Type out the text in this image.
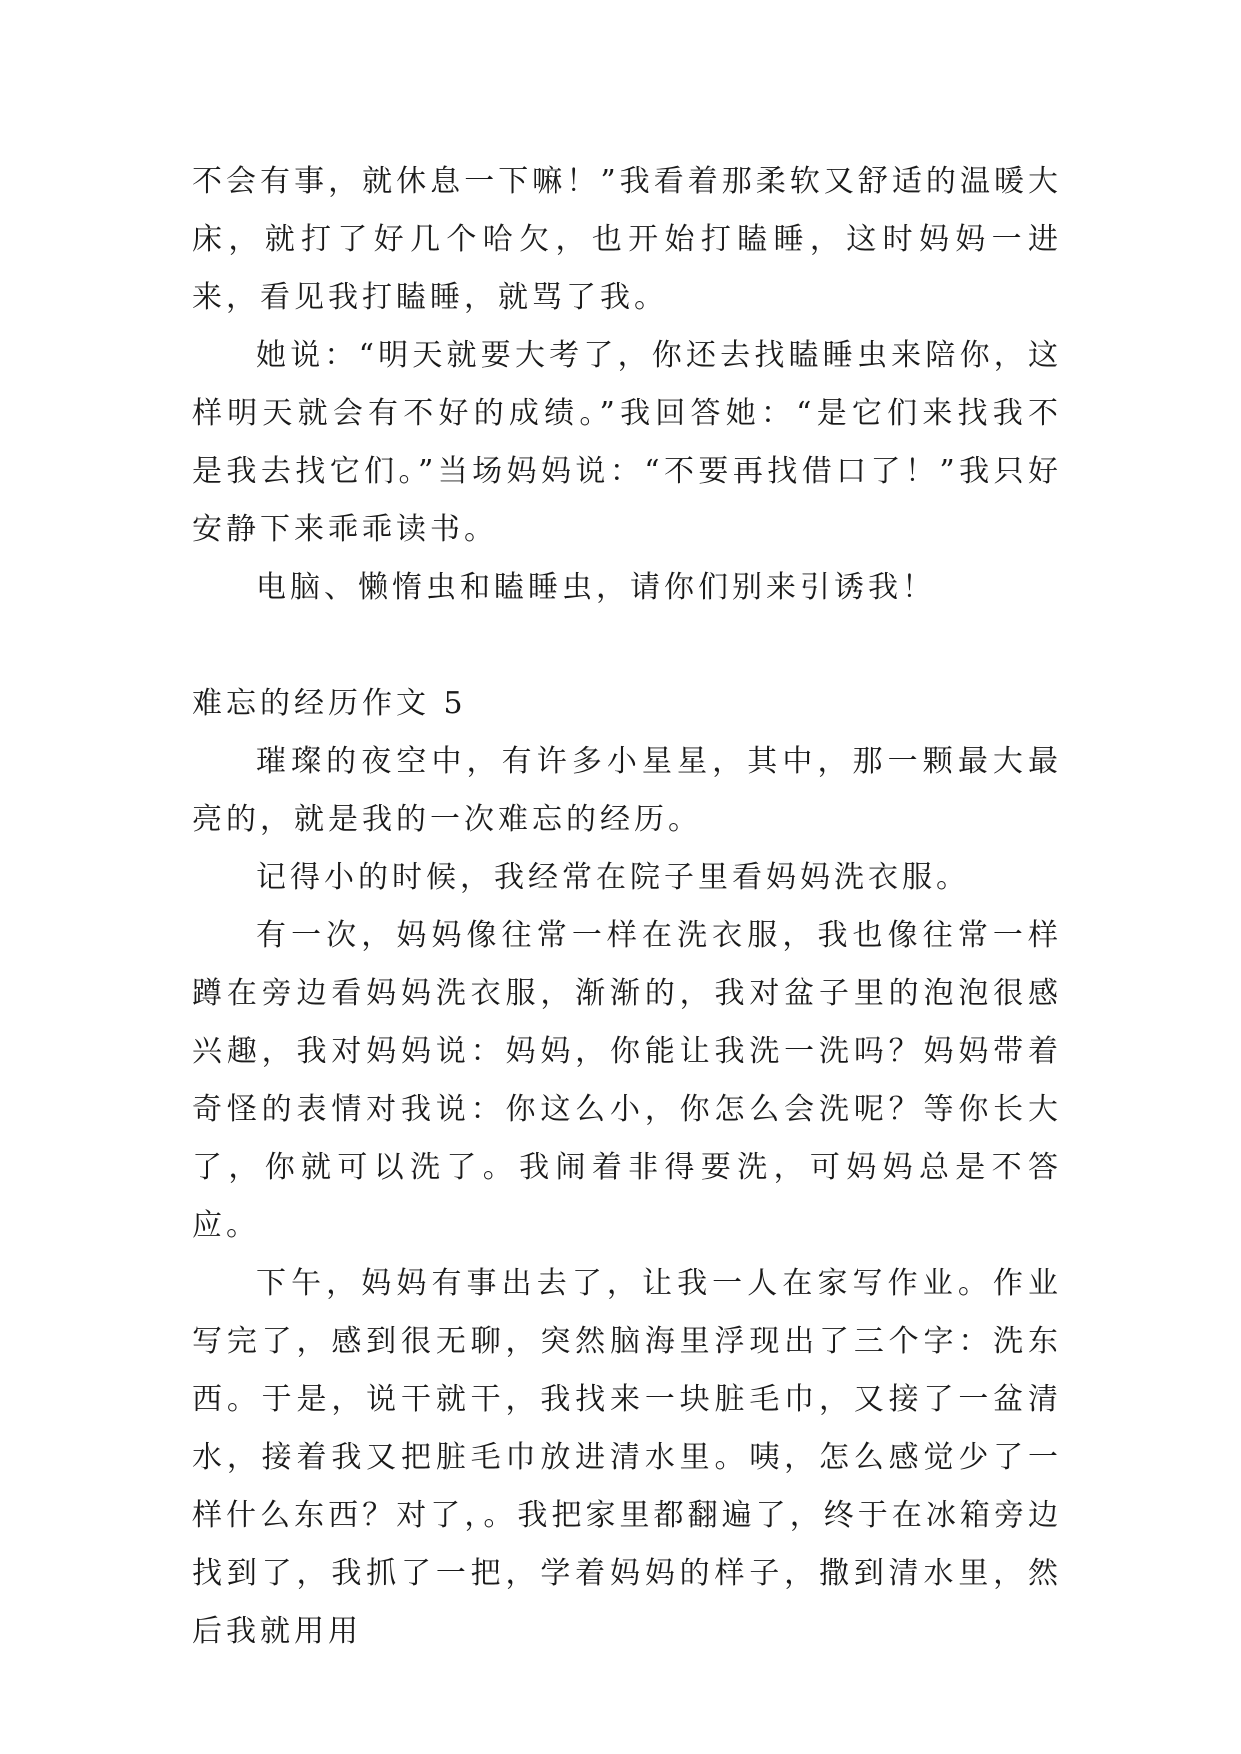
不会有事，就休息一下嘛！”我看着那柔软又舒适的温暖大床，就打了好几个哈欠，也开始打瞌睡，这时妈妈一进来，看见我打瞌睡，就骂了我。

她说：“明天就要大考了，你还去找瞌睡虫来陪你，这样明天就会有不好的成绩。”我回答她：“是它们来找我不是我去找它们。”当场妈妈说：“不要再找借口了！”我只好安静下来乖乖读书。

电脑、懒惰虫和瞌睡虫，请你们别来引诱我！

难忘的经历作文 5

璀璨的夜空中，有许多小星星，其中，那一颗最大最亮的，就是我的一次难忘的经历。

记得小的时候，我经常在院子里看妈妈洗衣服。

有一次，妈妈像往常一样在洗衣服，我也像往常一样蹲在旁边看妈妈洗衣服，渐渐的，我对盆子里的泡泡很感兴趣，我对妈妈说：妈妈，你能让我洗一洗吗？妈妈带着奇怪的表情对我说：你这么小，你怎么会洗呢？等你长大了，你就可以洗了。我闹着非得要洗，可妈妈总是不答应。

下午，妈妈有事出去了，让我一人在家写作业。作业写完了，感到很无聊，突然脑海里浮现出了三个字：洗东西。于是，说干就干，我找来一块脏毛巾，又接了一盆清水，接着我又把脏毛巾放进清水里。咦，怎么感觉少了一样什么东西？对了，。我把家里都翻遍了，终于在冰箱旁边找到了，我抓了一把，学着妈妈的样子，撒到清水里，然后我就用用
